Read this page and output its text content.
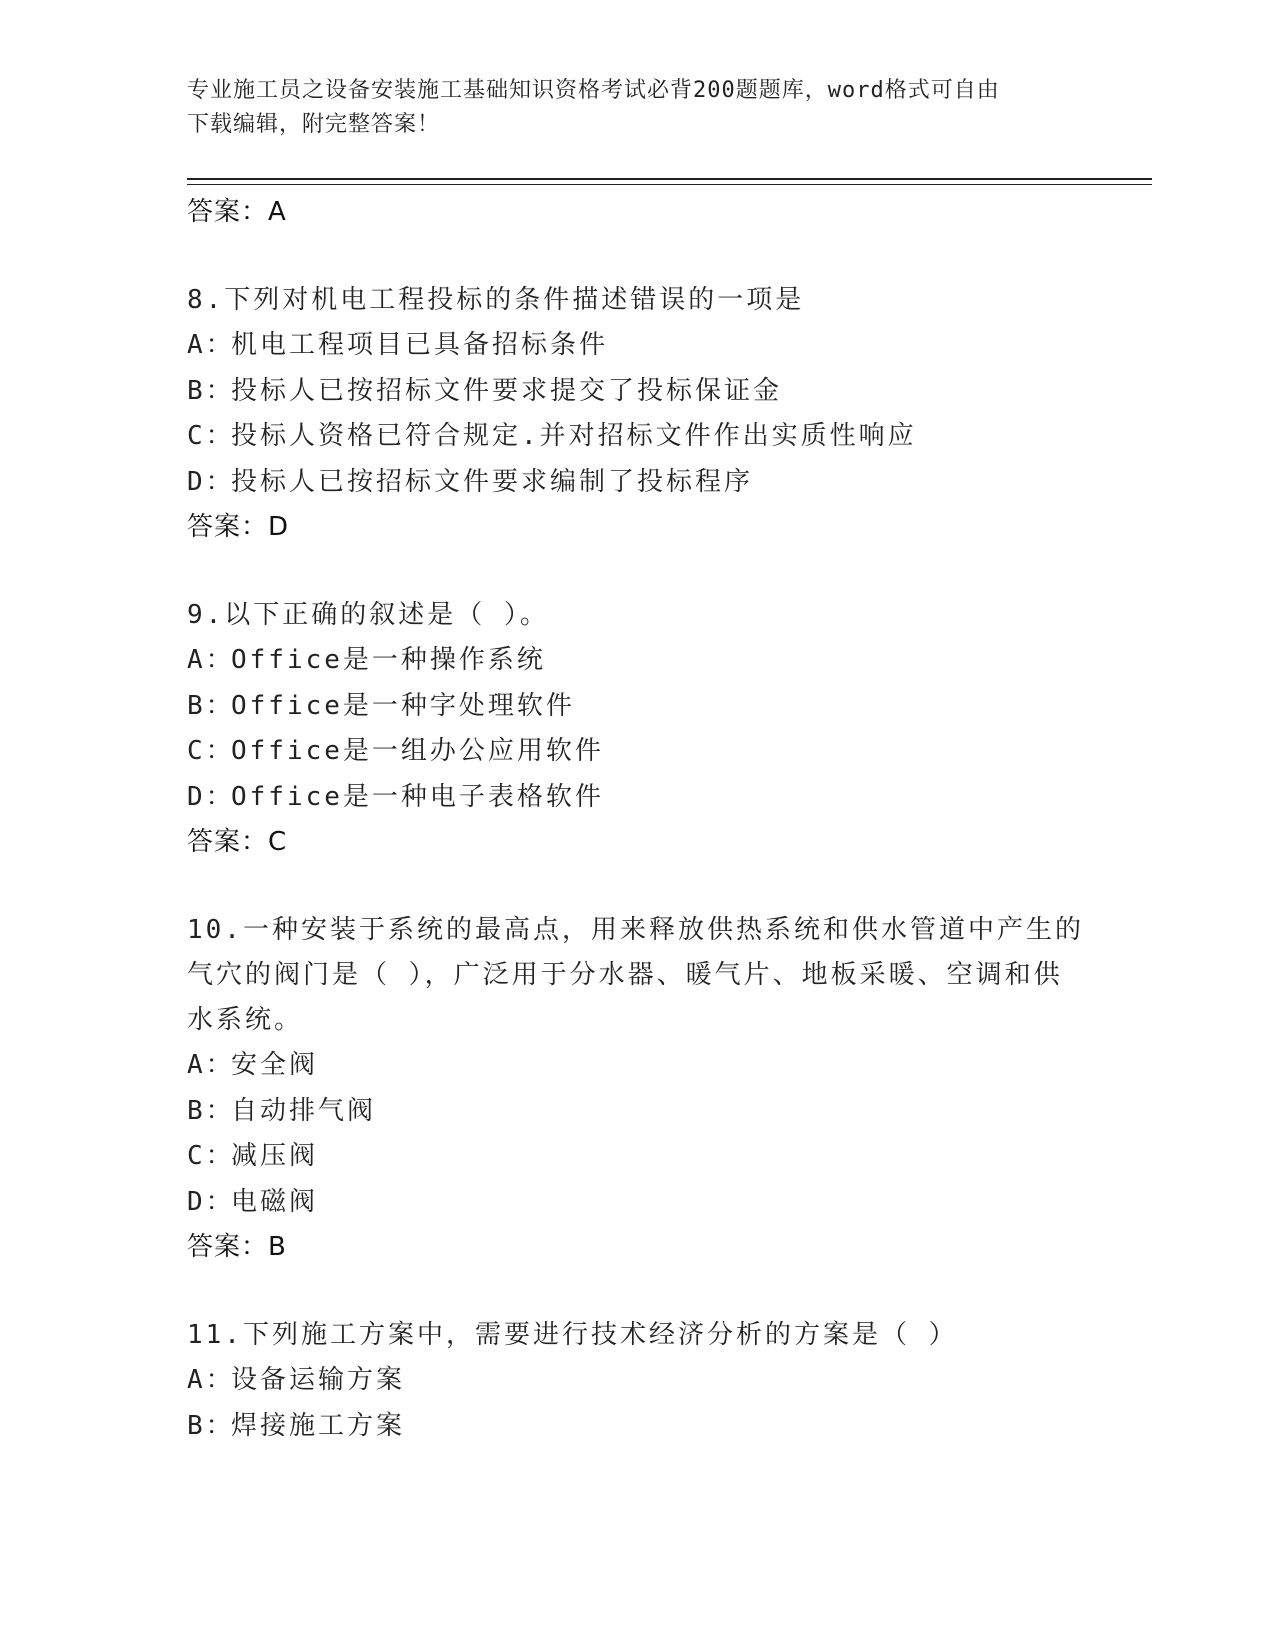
专业施工员之设备安装施工基础知识资格考试必背200题题库，word格式可自由
下载编辑，附完整答案！
答案：A
8.下列对机电工程投标的条件描述错误的一项是
A：机电工程项目已具备招标条件
B：投标人已按招标文件要求提交了投标保证金
C：投标人资格已符合规定.并对招标文件作出实质性响应
D：投标人已按招标文件要求编制了投标程序
答案：D
9.以下正确的叙述是（ ）。
A：Office是一种操作系统
B：Office是一种字处理软件
C：Office是一组办公应用软件
D：Office是一种电子表格软件
答案：C
10.一种安装于系统的最高点，用来释放供热系统和供水管道中产生的气穴的阀门是（ ），广泛用于分水器、暖气片、地板采暖、空调和供水系统。
A：安全阀
B：自动排气阀
C：减压阀
D：电磁阀
答案：B
11.下列施工方案中，需要进行技术经济分析的方案是（ ）
A：设备运输方案
B：焊接施工方案
